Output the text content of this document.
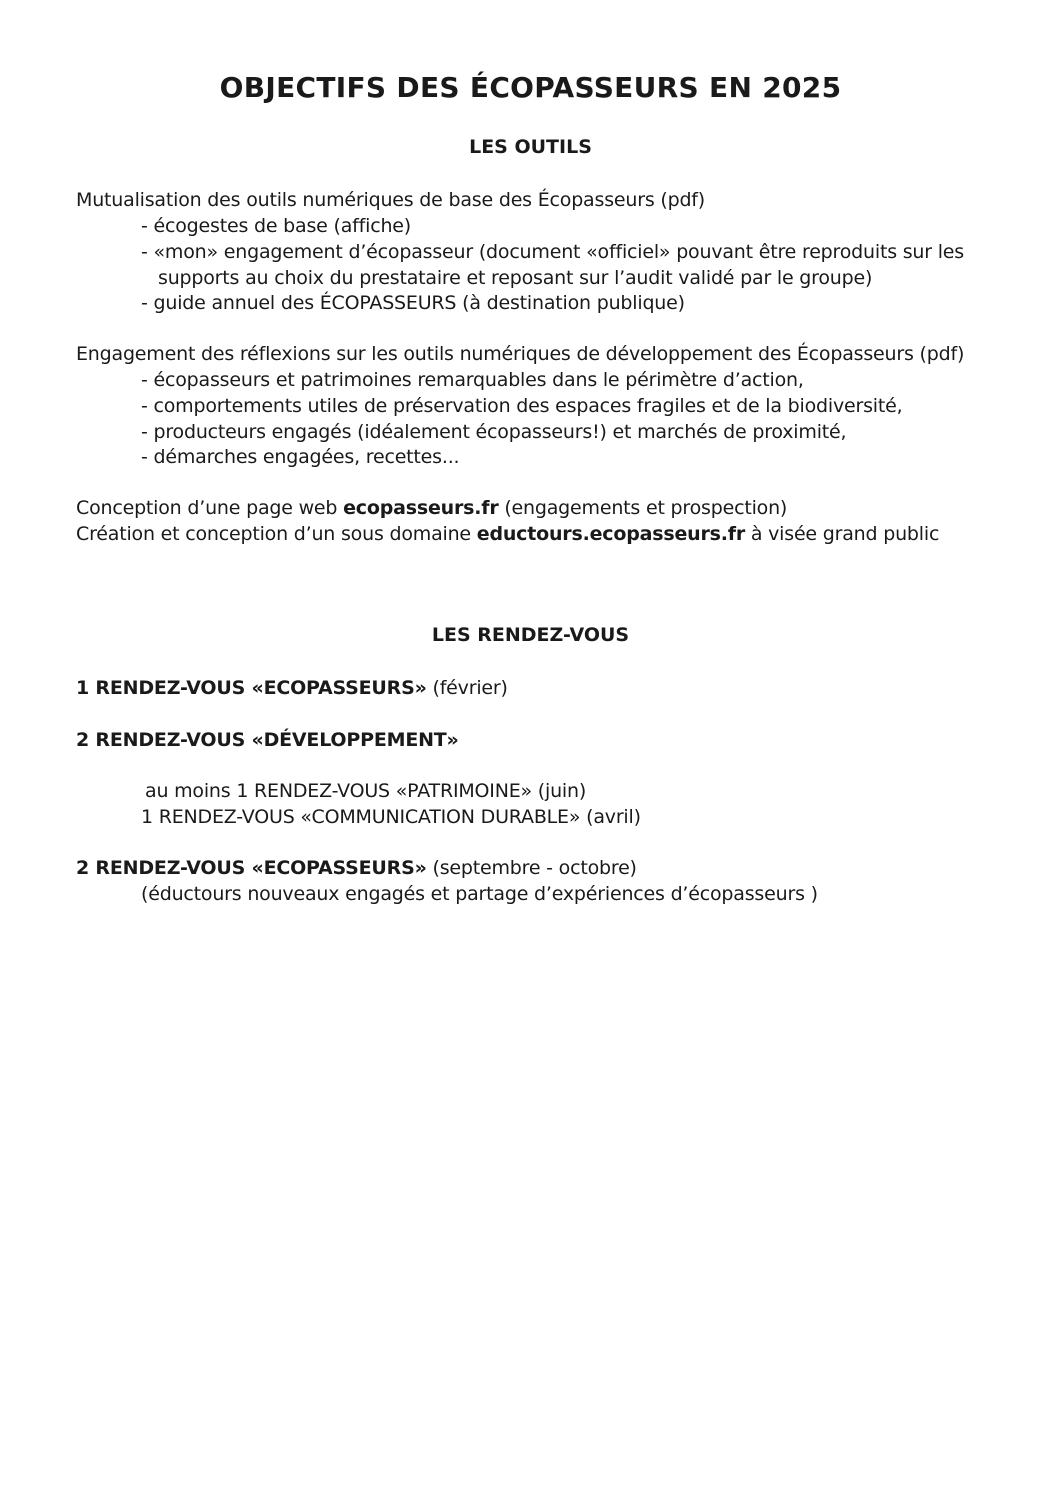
OBJECTIFS DES ÉCOPASSEURS EN 2025
LES OUTILS
Mutualisation des outils numériques de base des Écopasseurs (pdf)
- écogestes de base (affiche)
- «mon» engagement d’écopasseur (document «officiel» pouvant être reproduits sur les
supports au choix du prestataire et reposant sur l’audit validé par le groupe)
- guide annuel des ÉCOPASSEURS (à destination publique)
Engagement des réflexions sur les outils numériques de développement des Écopasseurs (pdf)
- écopasseurs et patrimoines remarquables dans le périmètre d’action,
- comportements utiles de préservation des espaces fragiles et de la biodiversité,
- producteurs engagés (idéalement écopasseurs!) et marchés de proximité,
- démarches engagées, recettes...
Conception d’une page web ecopasseurs.fr (engagements et prospection)
Création et conception d’un sous domaine eductours.ecopasseurs.fr à visée grand public
LES RENDEZ-VOUS
1 RENDEZ-VOUS «ECOPASSEURS» (février)
2 RENDEZ-VOUS «DÉVELOPPEMENT»
au moins 1 RENDEZ-VOUS «PATRIMOINE» (juin)
1 RENDEZ-VOUS «COMMUNICATION DURABLE» (avril)
2 RENDEZ-VOUS «ECOPASSEURS» (septembre - octobre)
(éductours nouveaux engagés et partage d’expériences d’écopasseurs )
